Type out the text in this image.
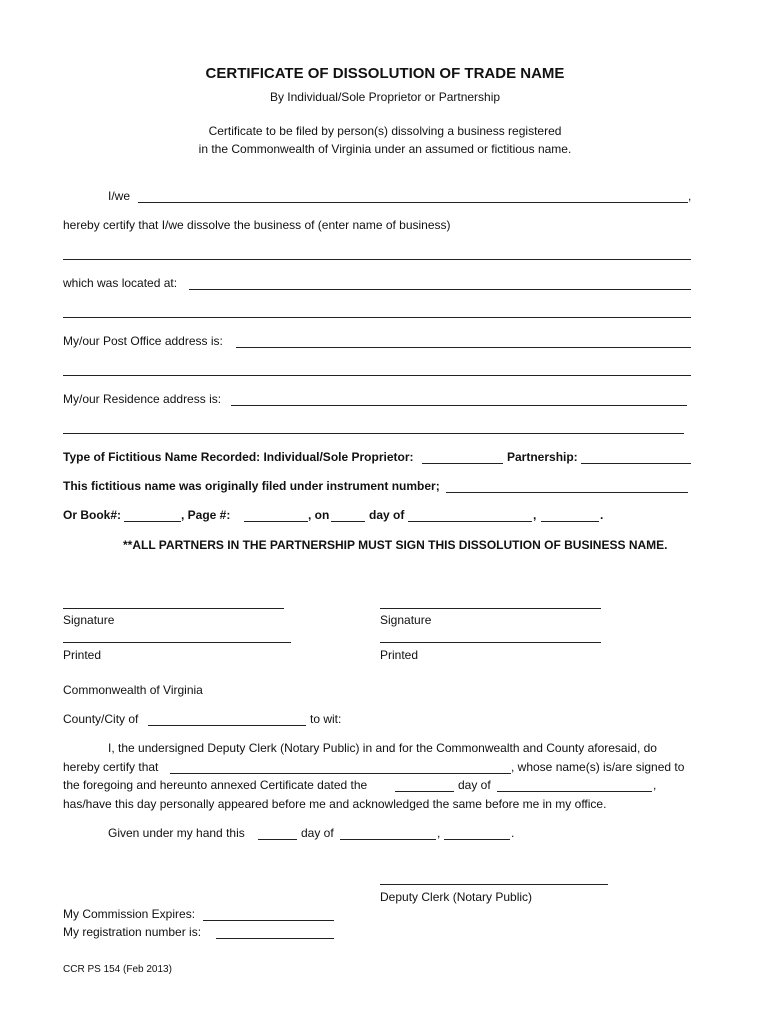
CERTIFICATE OF DISSOLUTION OF TRADE NAME
By Individual/Sole Proprietor or Partnership
Certificate to be filed by person(s) dissolving a business registered
in the Commonwealth of Virginia under an assumed or fictitious name.
I/we	,
hereby certify that I/we dissolve the business of (enter name of business)
which was located at:
My/our Post Office address is:
My/our Residence address is:
Type of Fictitious Name Recorded: Individual/Sole Proprietor:	Partnership:
This fictitious name was originally filed under instrument number;
Or Book#:	, Page #:	, on	day of	,	.
**ALL PARTNERS IN THE PARTNERSHIP MUST SIGN THIS DISSOLUTION OF BUSINESS NAME.
Signature	Signature
Printed	Printed
Commonwealth of Virginia
County/City of	to wit:
I, the undersigned Deputy Clerk (Notary Public) in and for the Commonwealth and County aforesaid, do
hereby certify that	, whose name(s) is/are signed to
the foregoing and hereunto annexed Certificate dated the	day of	,
has/have this day personally appeared before me and acknowledged the same before me in my office.
Given under my hand this	day of	,	.
Deputy Clerk (Notary Public)
My Commission Expires:
My registration number is:
CCR PS 154 (Feb 2013)
